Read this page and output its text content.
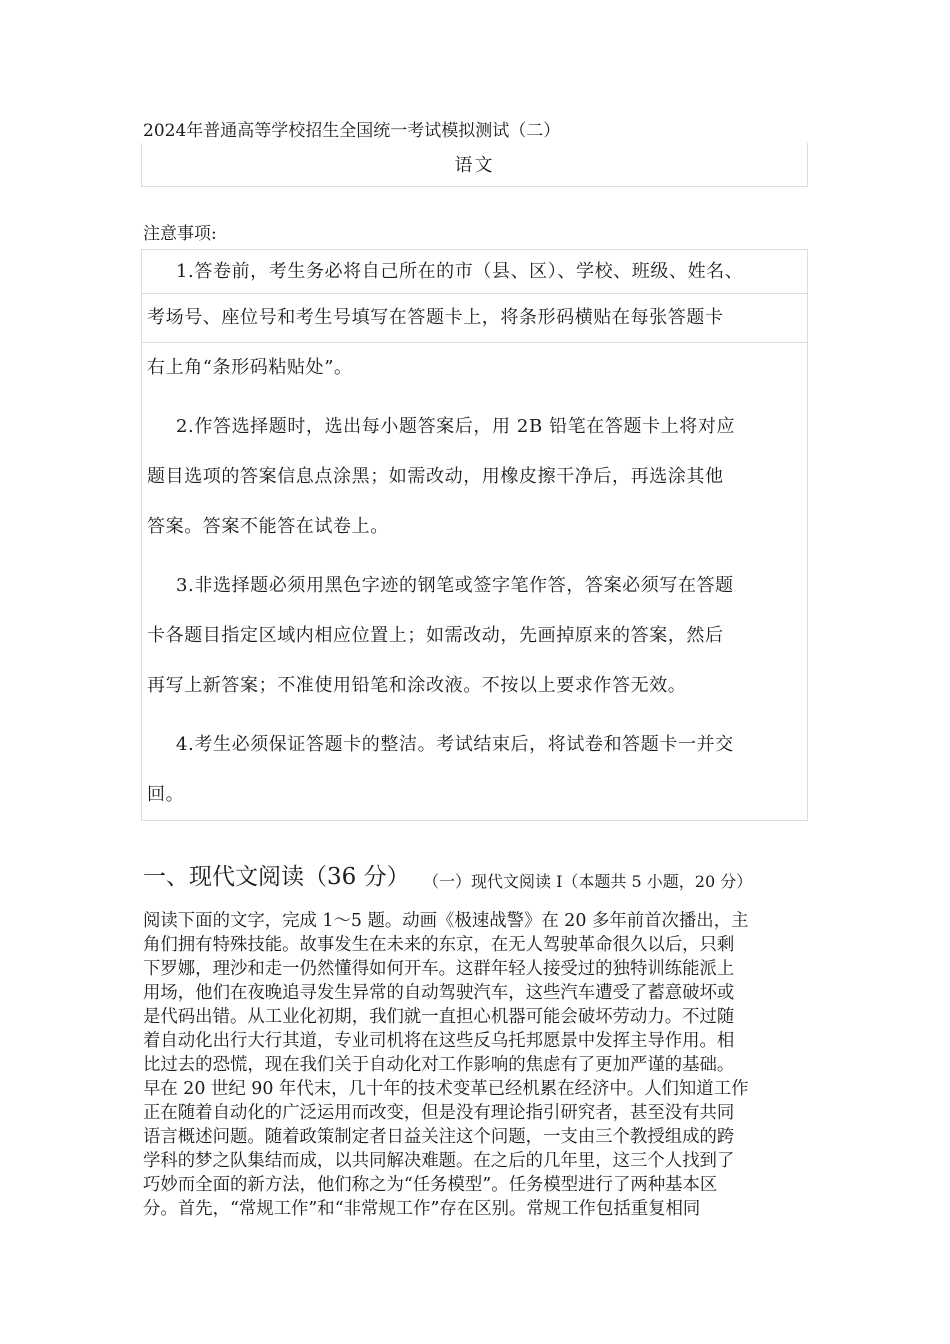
2024年普通高等学校招生全国统一考试模拟测试（二）
语文
注意事项:
1.答卷前，考生务必将自己所在的市（县、区）、学校、班级、姓名、
考场号、座位号和考生号填写在答题卡上，将条形码横贴在每张答题卡
右上角“条形码粘贴处”。
2.作答选择题时，选出每小题答案后，用 2B 铅笔在答题卡上将对应
题目选项的答案信息点涂黑；如需改动，用橡皮擦干净后，再选涂其他
答案。答案不能答在试卷上。
3.非选择题必须用黑色字迹的钢笔或签字笔作答，答案必须写在答题
卡各题目指定区域内相应位置上；如需改动，先画掉原来的答案，然后
再写上新答案；不准使用铅笔和涂改液。不按以上要求作答无效。
4.考生必须保证答题卡的整洁。考试结束后，将试卷和答题卡一并交
回。
一、现代文阅读（36 分） （一）现代文阅读 I（本题共 5 小题，20 分）
阅读下面的文字，完成 1～5 题。动画《极速战警》在 20 多年前首次播出，主
角们拥有特殊技能。故事发生在未来的东京，在无人驾驶革命很久以后，只剩
下罗娜，理沙和走一仍然懂得如何开车。这群年轻人接受过的独特训练能派上
用场，他们在夜晚追寻发生异常的自动驾驶汽车，这些汽车遭受了蓄意破坏或
是代码出错。从工业化初期，我们就一直担心机器可能会破坏劳动力。不过随
着自动化出行大行其道，专业司机将在这些反乌托邦愿景中发挥主导作用。相
比过去的恐慌，现在我们关于自动化对工作影响的焦虑有了更加严谨的基础。
早在 20 世纪 90 年代末，几十年的技术变革已经机累在经济中。人们知道工作
正在随着自动化的广泛运用而改变，但是没有理论指引研究者，甚至没有共同
语言概述问题。随着政策制定者日益关注这个问题，一支由三个教授组成的跨
学科的梦之队集结而成，以共同解决难题。在之后的几年里，这三个人找到了
巧妙而全面的新方法，他们称之为“任务模型”。任务模型进行了两种基本区
分。首先，“常规工作”和“非常规工作”存在区别。常规工作包括重复相同
